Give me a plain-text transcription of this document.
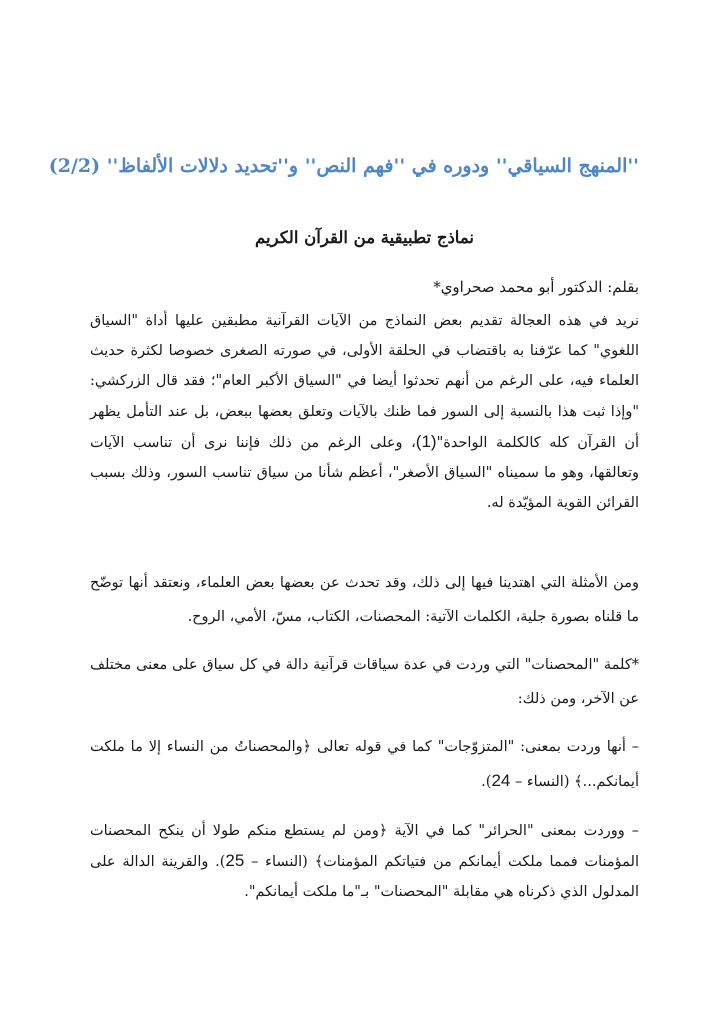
''المنهج السياقي'' ودوره في ''فهم النص'' و''تحديد دلالات الألفاظ'' (2/2)
نماذج تطبيقية من القرآن الكريم
بقلم: الدكتور أبو محمد صحراوي*

نريد في هذه العجالة تقديم بعض النماذج من الآيات القرآنية مطبقين عليها أداة "السياق اللغوي" كما عرّفنا به باقتضاب في الحلقة الأولى، في صورته الصغرى خصوصا لكثرة حديث العلماء فيه، على الرغم من أنهم تحدثوا أيضا في "السياق الأكبر العام"؛ فقد قال الزركشي: "وإذا ثبت هذا بالنسبة إلى السور فما ظنك بالآيات وتعلق بعضها ببعض، بل عند التأمل يظهر أن القرآن كله كالكلمة الواحدة"(1)، وعلى الرغم من ذلك فإننا نرى أن تناسب الآيات وتعالقها، وهو ما سميناه "السياق الأصغر"، أعظم شأنا من سياق تناسب السور، وذلك بسبب القرائن القوية المؤيّدة له.

ومن الأمثلة التي اهتدينا فيها إلى ذلك، وقد تحدث عن بعضها بعض العلماء، ونعتقد أنها توضّح ما قلناه بصورة جلية، الكلمات الآتية: المحصنات، الكتاب، مسّ، الأمي، الروح.

*كلمة "المحصنات" التي وردت في عدة سياقات قرآنية دالة في كل سياق على معنى مختلف عن الآخر، ومن ذلك:

– أنها وردت بمعنى: "المتزوّجات" كما في قوله تعالى ﴿والمحصناتُ من النساء إلا ما ملكت أيمانكم...﴾ (النساء – 24).

– ووردت بمعنى "الحرائر" كما في الآية ﴿ومن لم يستطع منكم طولا أن ينكح المحصنات المؤمنات فمما ملكت أيمانكم من فتياتكم المؤمنات﴾ (النساء – 25). والقرينة الدالة على المدلول الذي ذكرناه هي مقابلة "المحصنات" بـ"ما ملكت أيمانكم".
